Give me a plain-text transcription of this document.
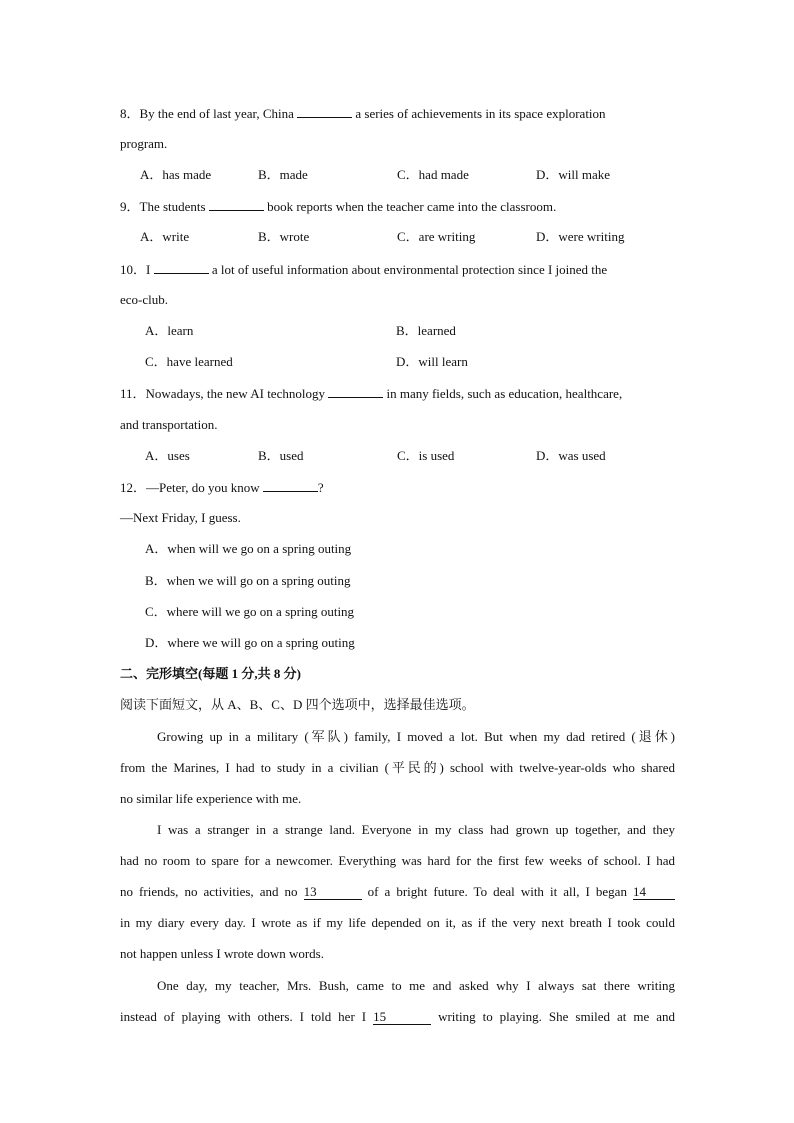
8．By the end of last year, China	a series of achievements in its space exploration
program.
A．has made	B．made	C．had made	D．will make
9．The students	book reports when the teacher came into the classroom.
A．write	B．wrote	C．are writing	D．were writing
10．I	a lot of useful information about environmental protection since I joined the
eco-club.
A．learn	B．learned
C．have learned	D．will learn
11．Nowadays, the new AI technology	in many fields, such as education, healthcare,
and transportation.
A．uses	B．used	C．is used	D．was used
12．—Peter, do you know	?
—Next Friday, I guess.
A．when will we go on a spring outing
B．when we will go on a spring outing
C．where will we go on a spring outing
D．where we will go on a spring outing
二、完形填空(每题 1 分,共 8 分)
阅读下面短文，从 A、B、C、D 四个选项中，选择最佳选项。
Growing up in a military (军队) family, I moved a lot. But when my dad retired (退休)
from the Marines, I had to study in a civilian (平民的) school with twelve-year-olds who shared
no similar life experience with me.
I was a stranger in a strange land. Everyone in my class had grown up together, and they
had no room to spare for a newcomer. Everything was hard for the first few weeks of school. I had
no friends, no activities, and no 13	of a bright future. To deal with it all, I began 14
in my diary every day. I wrote as if my life depended on it, as if the very next breath I took could
not happen unless I wrote down words.
One day, my teacher, Mrs. Bush, came to me and asked why I always sat there writing
instead of playing with others. I told her I 15	writing to playing. She smiled at me and
